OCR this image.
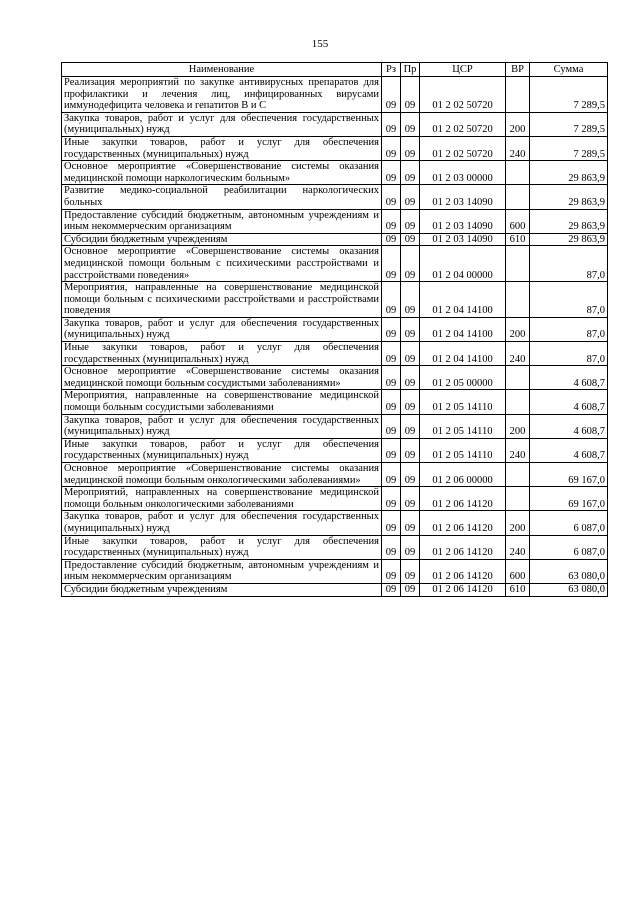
155
Наименование	Рз	Пр	ЦСР	ВР	Сумма
Реализация мероприятий по закупке антивирусных препаратов для профилактики и лечения лиц, инфицированных вирусами иммунодефицита человека и гепатитов В и С	09	09	01 2 02 50720		7 289,5
Закупка товаров, работ и услуг для обеспечения государственных (муниципальных) нужд	09	09	01 2 02 50720	200	7 289,5
Иные закупки товаров, работ и услуг для обеспечения государственных (муниципальных) нужд	09	09	01 2 02 50720	240	7 289,5
Основное мероприятие «Совершенствование системы оказания медицинской помощи наркологическим больным»	09	09	01 2 03 00000		29 863,9
Развитие медико-социальной реабилитации наркологических больных	09	09	01 2 03 14090		29 863,9
Предоставление субсидий бюджетным, автономным учреждениям и иным некоммерческим организациям	09	09	01 2 03 14090	600	29 863,9
Субсидии бюджетным учреждениям	09	09	01 2 03 14090	610	29 863,9
Основное мероприятие «Совершенствование системы оказания медицинской помощи больным с психическими расстройствами и расстройствами поведения»	09	09	01 2 04 00000		87,0
Мероприятия, направленные на совершенствование медицинской помощи больным с психическими расстройствами и расстройствами поведения	09	09	01 2 04 14100		87,0
Закупка товаров, работ и услуг для обеспечения государственных (муниципальных) нужд	09	09	01 2 04 14100	200	87,0
Иные закупки товаров, работ и услуг для обеспечения государственных (муниципальных) нужд	09	09	01 2 04 14100	240	87,0
Основное мероприятие «Совершенствование системы оказания медицинской помощи больным сосудистыми заболеваниями»	09	09	01 2 05 00000		4 608,7
Мероприятия, направленные на совершенствование медицинской помощи больным сосудистыми заболеваниями	09	09	01 2 05 14110		4 608,7
Закупка товаров, работ и услуг для обеспечения государственных (муниципальных) нужд	09	09	01 2 05 14110	200	4 608,7
Иные закупки товаров, работ и услуг для обеспечения государственных (муниципальных) нужд	09	09	01 2 05 14110	240	4 608,7
Основное мероприятие «Совершенствование системы оказания медицинской помощи больным онкологическими заболеваниями»	09	09	01 2 06 00000		69 167,0
Мероприятий, направленных на совершенствование медицинской помощи больным онкологическими заболеваниями	09	09	01 2 06 14120		69 167,0
Закупка товаров, работ и услуг для обеспечения государственных (муниципальных) нужд	09	09	01 2 06 14120	200	6 087,0
Иные закупки товаров, работ и услуг для обеспечения государственных (муниципальных) нужд	09	09	01 2 06 14120	240	6 087,0
Предоставление субсидий бюджетным, автономным учреждениям и иным некоммерческим организациям	09	09	01 2 06 14120	600	63 080,0
Субсидии бюджетным учреждениям	09	09	01 2 06 14120	610	63 080,0
